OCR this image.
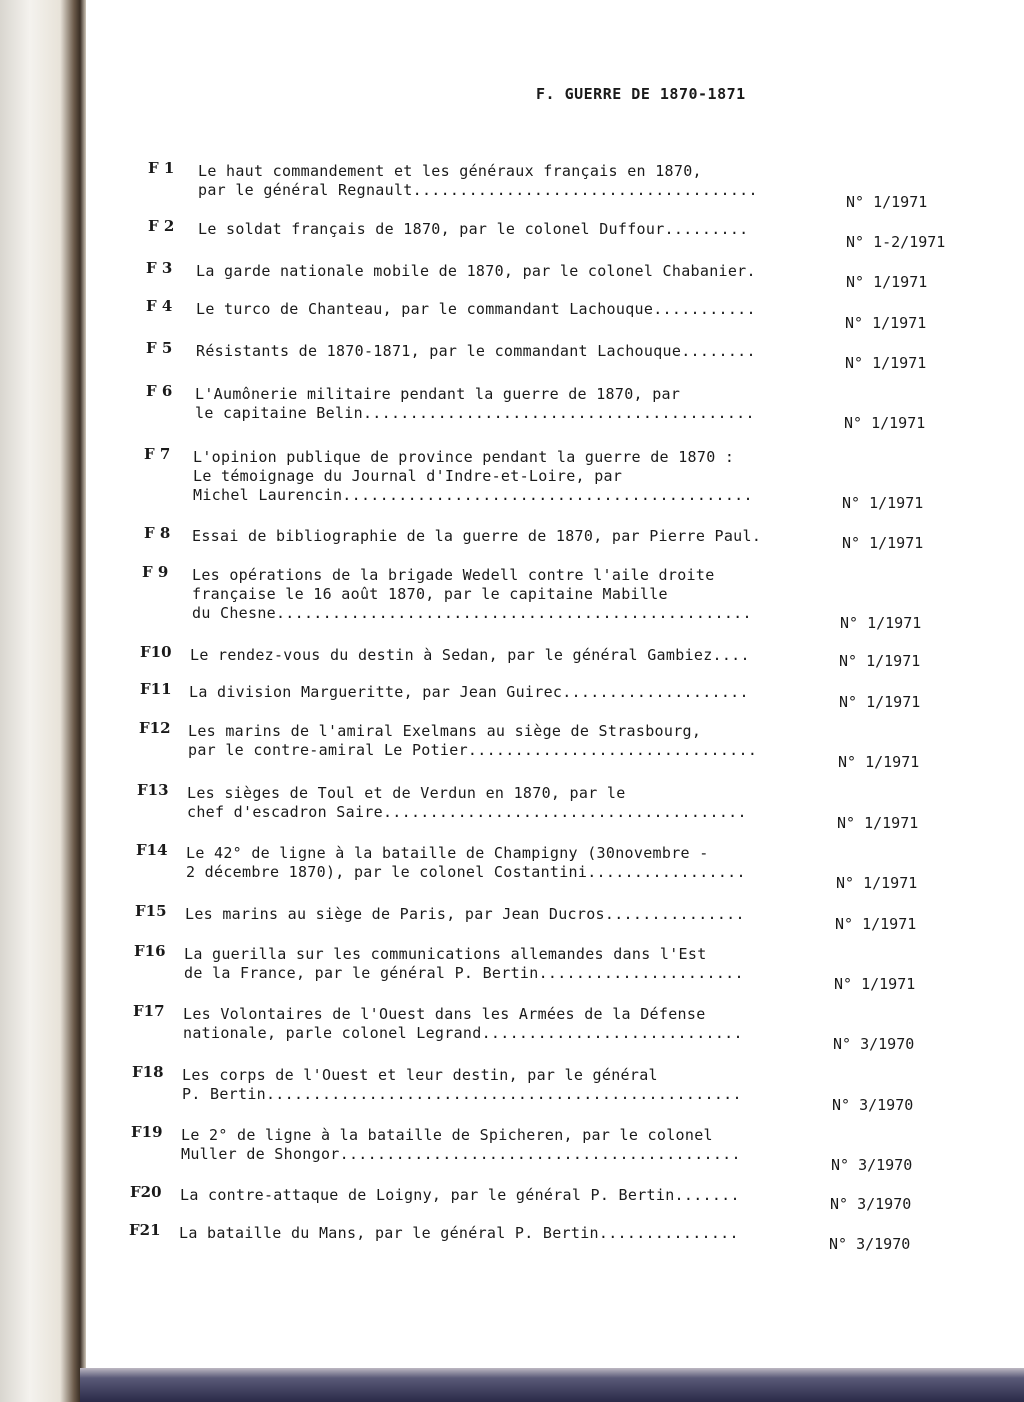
F. GUERRE DE 1870-1871
F 1 Le haut commandement et les généraux français en 1870,
par le général Regnault.....................................
N° 1/1971
F 2 Le soldat français de 1870, par le colonel Duffour.........
N° 1-2/1971
F 3 La garde nationale mobile de 1870, par le colonel Chabanier.
N° 1/1971
F 4 Le turco de Chanteau, par le commandant Lachouque...........
N° 1/1971
F 5 Résistants de 1870-1871, par le commandant Lachouque........
N° 1/1971
F 6 L'Aumônerie militaire pendant la guerre de 1870, par
le capitaine Belin..........................................
N° 1/1971
F 7 L'opinion publique de province pendant la guerre de 1870 :
Le témoignage du Journal d'Indre-et-Loire, par
Michel Laurencin............................................	N° 1/1971
F 8 Essai de bibliographie de la guerre de 1870, par Pierre Paul.	N° 1/1971
F 9 Les opérations de la brigade Wedell contre l'aile droite
française le 16 août 1870, par le capitaine Mabille
du Chesne...................................................
N° 1/1971
F10 Le rendez-vous du destin à Sedan, par le général Gambiez....	N° 1/1971
F11 La division Margueritte, par Jean Guirec....................
N° 1/1971
F12 Les marins de l'amiral Exelmans au siège de Strasbourg,
par le contre-amiral Le Potier...............................
N° 1/1971
F13 Les sièges de Toul et de Verdun en 1870, par le
chef d'escadron Saire.......................................
N° 1/1971
F14 Le 42° de ligne à la bataille de Champigny (30novembre -
2 décembre 1870), par le colonel Costantini.................
N° 1/1971
F15 Les marins au siège de Paris, par Jean Ducros...............
N° 1/1971
F16 La guerilla sur les communications allemandes dans l'Est
de la France, par le général P. Bertin......................
N° 1/1971
F17 Les Volontaires de l'Ouest dans les Armées de la Défense
nationale, parle colonel Legrand............................
N° 3/1970
F18 Les corps de l'Ouest et leur destin, par le général
P. Bertin...................................................
N° 3/1970
F19 Le 2° de ligne à la bataille de Spicheren, par le colonel
Muller de Shongor...........................................
N° 3/1970
F20 La contre-attaque de Loigny, par le général P. Bertin.......	N° 3/1970
F21 La bataille du Mans, par le général P. Bertin...............
N° 3/1970
